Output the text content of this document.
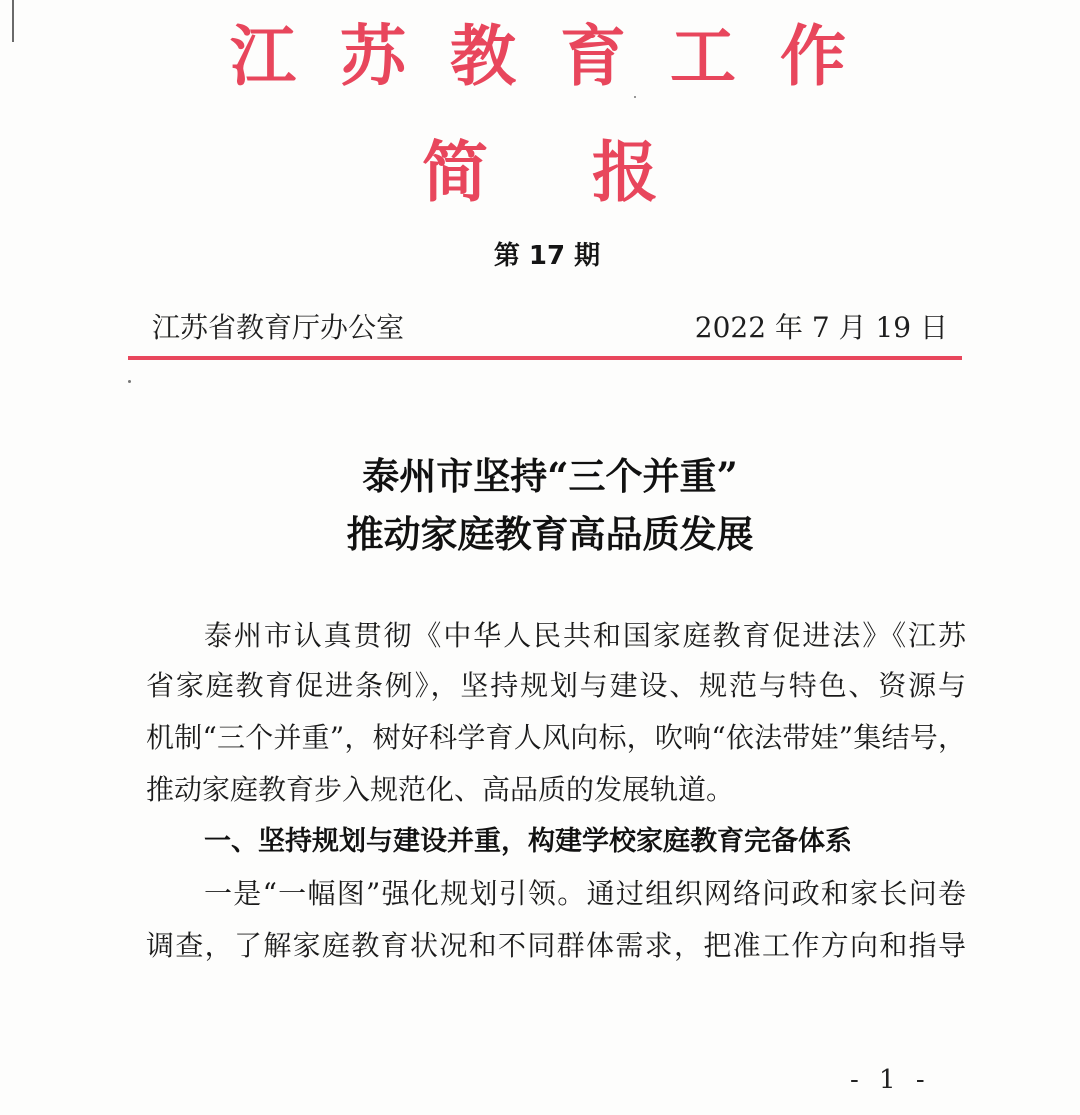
江苏教育工作
简报
第 17 期
江苏省教育厅办公室	2022 年 7 月 19 日
泰州市坚持“三个并重”
推动家庭教育高品质发展
泰州市认真贯彻《中华人民共和国家庭教育促进法》《江苏
省家庭教育促进条例》，坚持规划与建设、规范与特色、资源与
机制“三个并重”，树好科学育人风向标，吹响“依法带娃”集结号，
推动家庭教育步入规范化、高品质的发展轨道。
一、坚持规划与建设并重，构建学校家庭教育完备体系
一是“一幅图”强化规划引领。通过组织网络问政和家长问卷
调查，了解家庭教育状况和不同群体需求，把准工作方向和指导
- 1 -
